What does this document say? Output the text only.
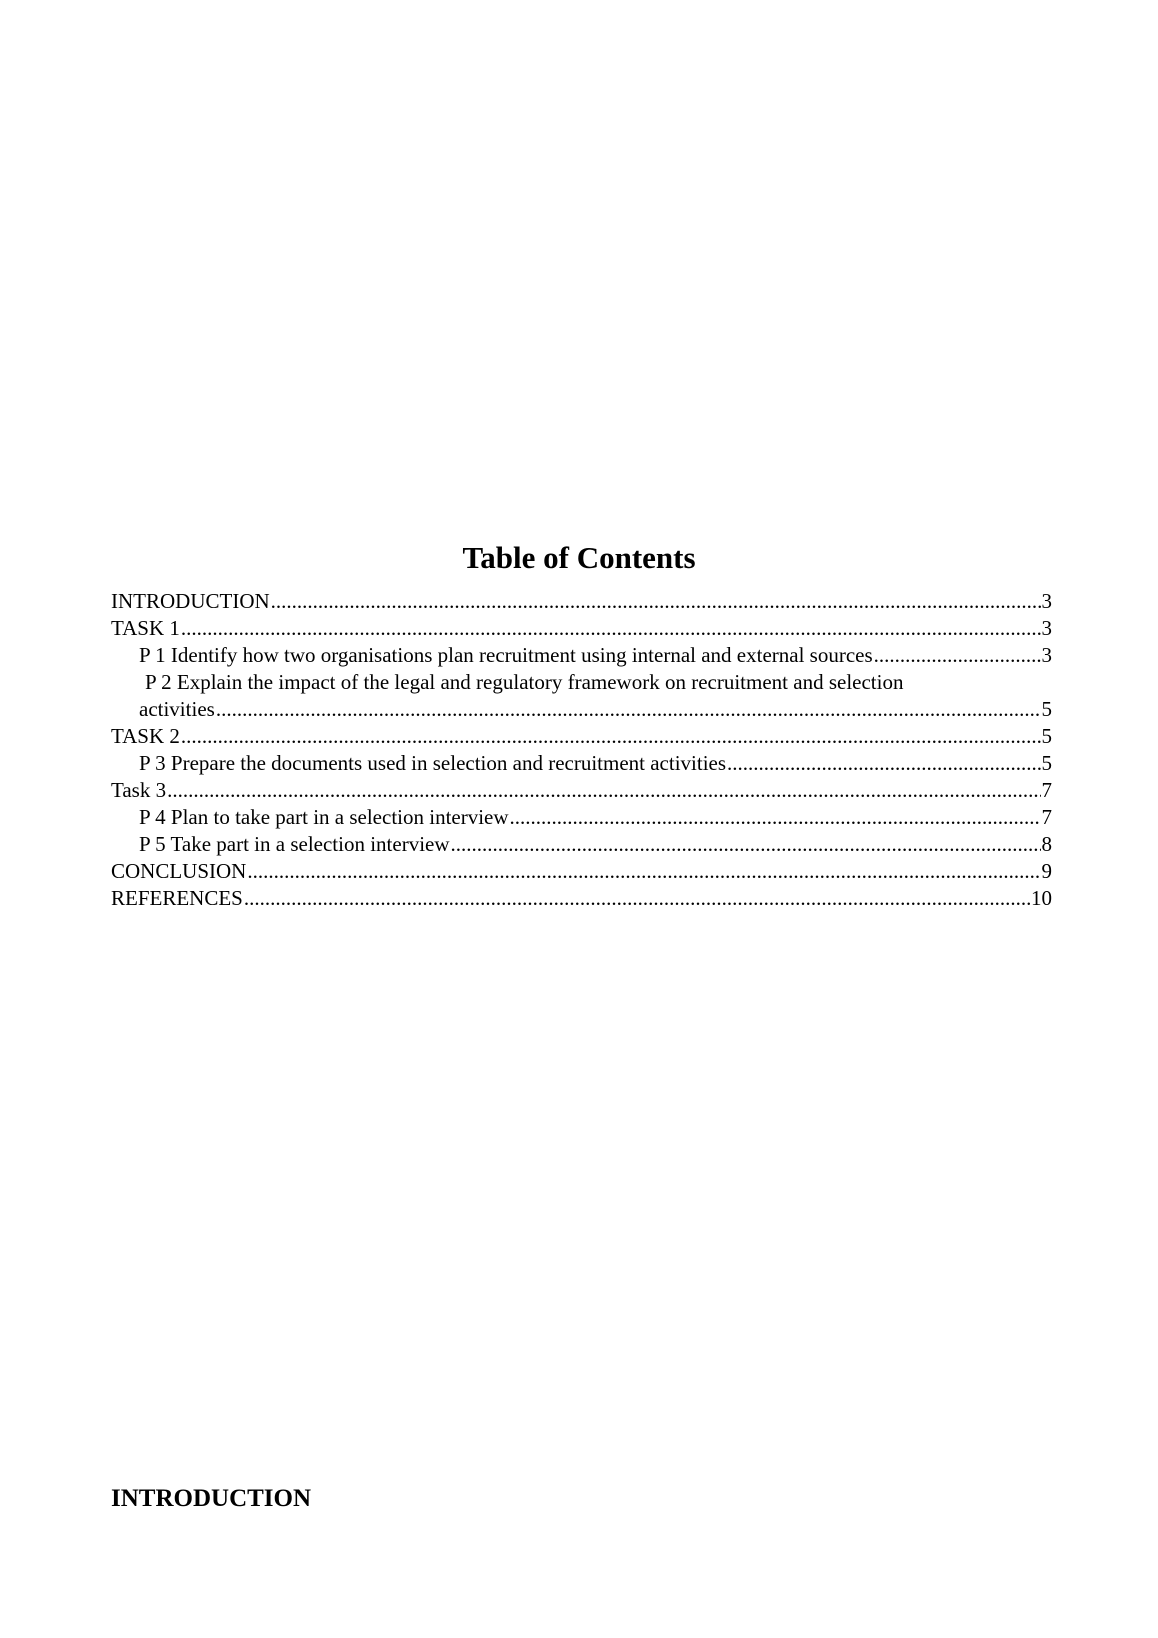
Table of Contents
INTRODUCTION .....	3
TASK 1 .....	3
P 1 Identify how two organisations plan recruitment using internal and external sources .....	3
P 2 Explain the impact of the legal and regulatory framework on recruitment and selection
activities .....	5
TASK 2 .....	5
P 3 Prepare the documents used in selection and recruitment activities .....	5
Task 3 .....	7
P 4 Plan to take part in a selection interview .....	7
P 5 Take part in a selection interview .....	8
CONCLUSION .....	9
REFERENCES .....	10
INTRODUCTION
